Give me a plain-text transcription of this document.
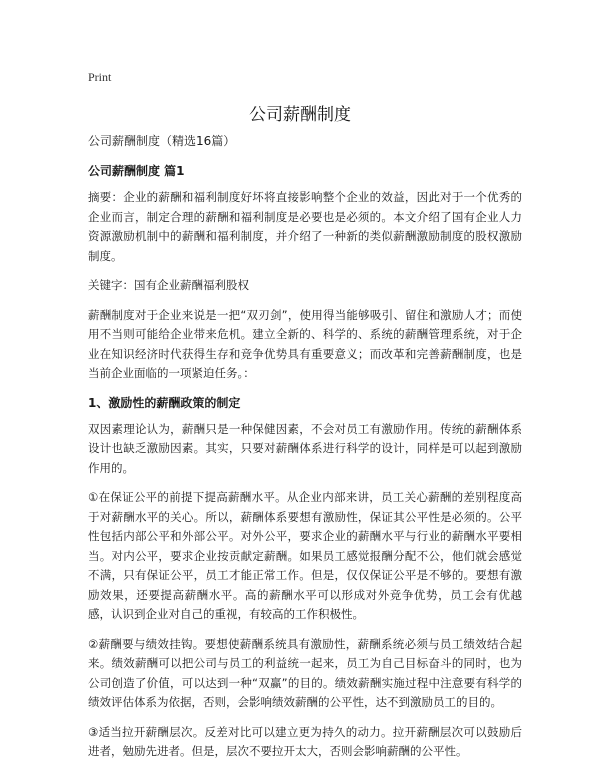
Print
公司薪酬制度

公司薪酬制度（精选16篇）

公司薪酬制度 篇1

摘要：企业的薪酬和福利制度好坏将直接影响整个企业的效益，因此对于一个优秀的企业而言，制定合理的薪酬和福利制度是必要也是必须的。本文介绍了国有企业人力资源激励机制中的薪酬和福利制度，并介绍了一种新的类似薪酬激励制度的股权激励制度。

关键字：国有企业薪酬福利股权

薪酬制度对于企业来说是一把“双刃剑”，使用得当能够吸引、留住和激励人才；而使用不当则可能给企业带来危机。建立全新的、科学的、系统的薪酬管理系统，对于企业在知识经济时代获得生存和竞争优势具有重要意义；而改革和完善薪酬制度，也是当前企业面临的一项紧迫任务。：

1、激励性的薪酬政策的制定

双因素理论认为，薪酬只是一种保健因素，不会对员工有激励作用。传统的薪酬体系设计也缺乏激励因素。其实，只要对薪酬体系进行科学的设计，同样是可以起到激励作用的。

①在保证公平的前提下提高薪酬水平。从企业内部来讲，员工关心薪酬的差别程度高于对薪酬水平的关心。所以，薪酬体系要想有激励性，保证其公平性是必须的。公平性包括内部公平和外部公平。对外公平，要求企业的薪酬水平与行业的薪酬水平要相当。对内公平，要求企业按贡献定薪酬。如果员工感觉报酬分配不公，他们就会感觉不满，只有保证公平，员工才能正常工作。但是，仅仅保证公平是不够的。要想有激励效果，还要提高薪酬水平。高的薪酬水平可以形成对外竞争优势，员工会有优越感，认识到企业对自己的重视，有较高的工作积极性。

②薪酬要与绩效挂钩。要想使薪酬系统具有激励性，薪酬系统必须与员工绩效结合起来。绩效薪酬可以把公司与员工的利益统一起来，员工为自己目标奋斗的同时，也为公司创造了价值，可以达到一种“双赢”的目的。绩效薪酬实施过程中注意要有科学的绩效评估体系为依据，否则，会影响绩效薪酬的公平性，达不到激励员工的目的。

③适当拉开薪酬层次。反差对比可以建立更为持久的动力。拉开薪酬层次可以鼓励后进者，勉励先进者。但是，层次不要拉开太大，否则会影响薪酬的公平性。
